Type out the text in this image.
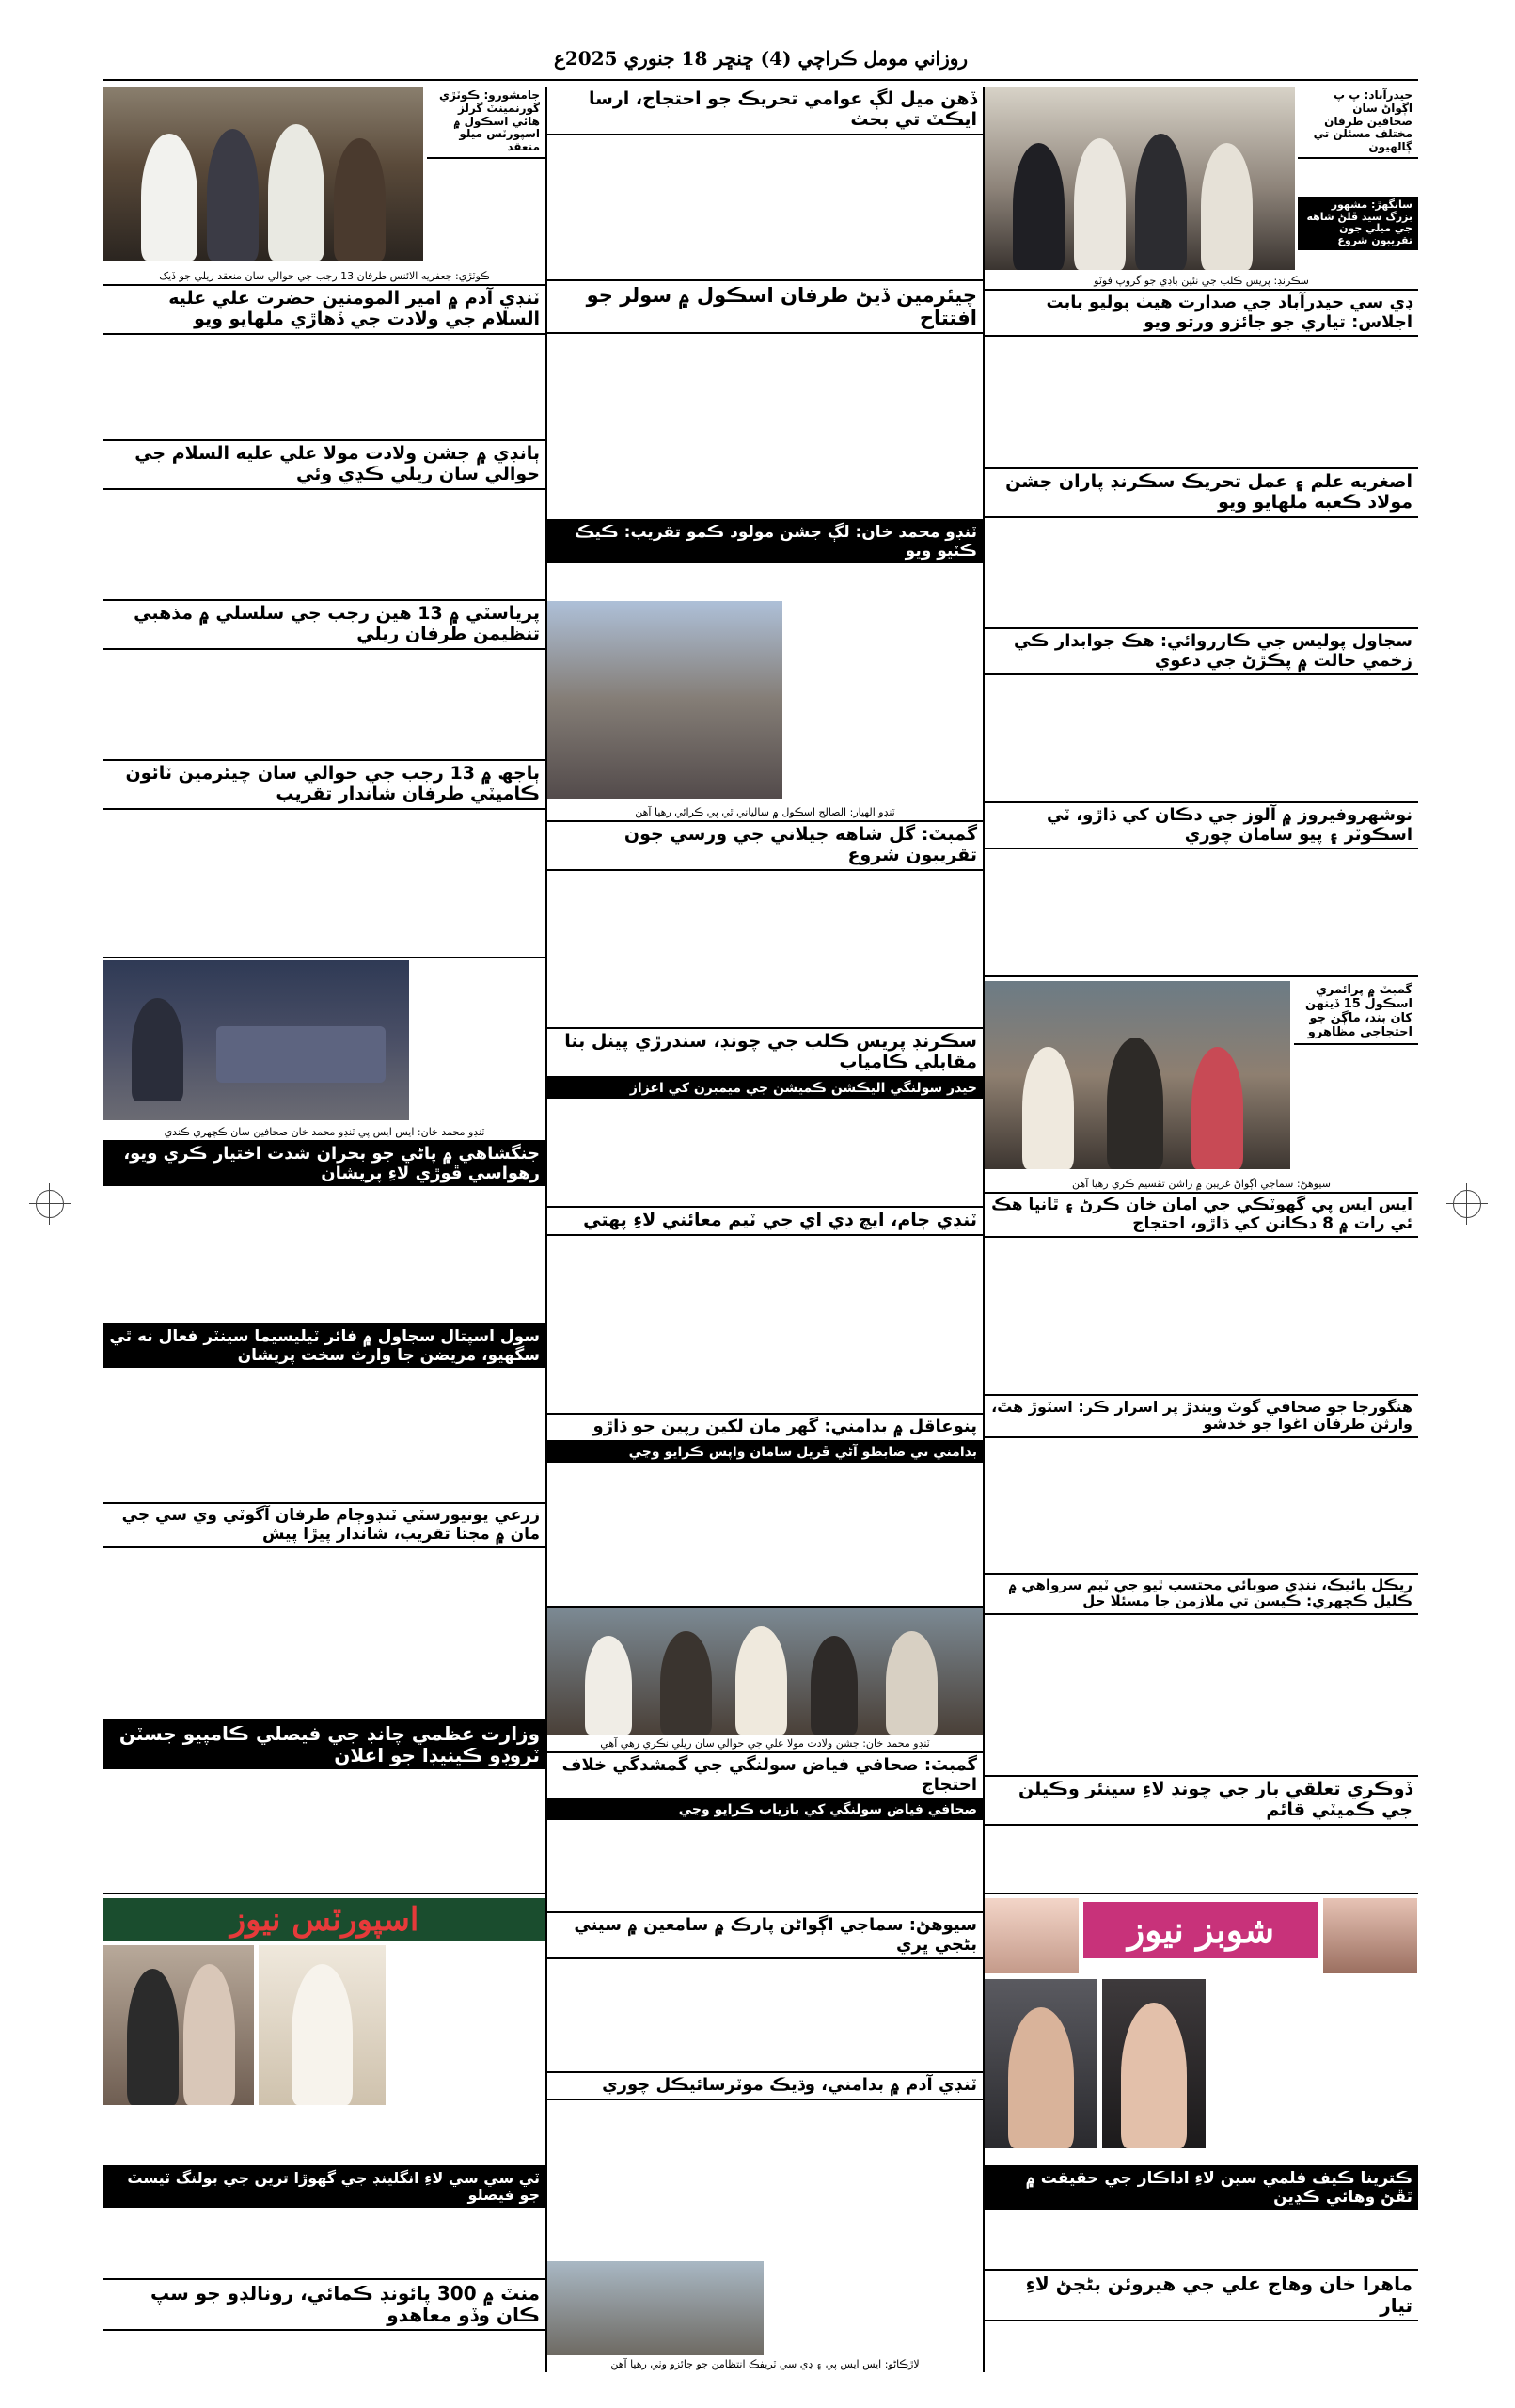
روزاني مومل ڪراچي (4) ڇنڇر 18 جنوري 2025ع
جامشورو: ڪوٽڙي گورنمينٽ گرلز هائي اسڪول ۾ اسپورٽس ميلو منعقد
ڪوٽڙي: جعفريه الائنس طرفان 13 رجب جي حوالي سان منعقد ريلي جو ڏيک
ٽنڊي آدم ۾ امير المومنين حضرت علي عليه السلام جي ولادت جي ڏهاڙي ملهايو ويو
ٻانڊي ۾ جشن ولادت مولا علي عليه السلام جي حوالي سان ريلي ڪڍي وئي
پرياسٽي ۾ 13 هين رجب جي سلسلي ۾ مذهبي تنظيمن طرفان ريلي
ٻاجھ ۾ 13 رجب جي حوالي سان چيئرمين ٽائون ڪاميٽي طرفان شاندار تقريب
ٽنڊو محمد خان: ايس ايس پي ٽنڊو محمد خان صحافين سان ڪچهري ڪندي
جنگشاهي ۾ پاڻي جو بحران شدت اختيار ڪري ويو، رهواسي ڦوڙي لاءِ پريشان
سول اسپتال سجاول ۾ فائر ٽيليسيما سينٽر فعال نه ٿي سگهيو، مريضن جا وارث سخت پريشان
زرعي يونيورسٽي ٽنڊوڄام طرفان آگوٽي وي سي جي مان ۾ مجتا تقريب، شاندار پيڙا پيش
وزارت عظمي چانڊ جي فيصلي ڪامپيو جسٽن ٽروڊو ڪينيڊا جو اعلان
اسپورٽس نيوز
ٽي سي سي لاءِ انگلينڊ جي گهوڙا ترين جي بولنگ ٽيسٽ جو فيصلو
منٽ ۾ 300 پائونڊ ڪمائي، رونالڊو جو سپ ڪان وڏو معاهدو
ڏهن ميل لڳ عوامي تحريڪ جو احتجاج، ارسا ايڪٽ تي بحث
چيئرمين ڏيڻ طرفان اسڪول ۾ سولر جو افتتاح
ٽنڊو محمد خان: لڳ جشن مولود ڪمو تقريب: ڪيڪ ڪٽيو ويو
ٽنڊو الهيار: الصالح اسڪول ۾ سالياني ٿي پي ڪرائي رهيا آهن
گمبٽ: گل شاهه جيلاني جي ورسي جون تقريبون شروع
سڪرنڊ پريس ڪلب جي چونڊ، سندرڙي پينل بنا مقابلي ڪامياب
حيدر سولنگي اليڪشن ڪميشن جي ميمبرن کي اعزاز
ٽنڊي ڄام، ايچ ڊي اي جي ٽيم معائني لاءِ پهتي
پنوعاقل ۾ بدامني: گهر مان لکين رپين جو ڌاڙو
بدامني تي ضابطو آڻي ڦريل سامان واپس ڪرايو وڃي
ٽنڊو محمد خان: جشن ولادت مولا علي جي حوالي سان ريلي نڪري رهي آهي
گمبٽ: صحافي فياض سولنگي جي گمشدگي خلاف احتجاج
صحافي فياض سولنگي کي بازياب ڪرايو وڃي
سيوهڻ: سماجي اڳواڻن پارڪ ۾ سامعين ۾ سيني بڻجي ڀري
ٽنڊي آدم ۾ بدامني، وڌيڪ موٽرسائيڪل چوري
لاڙڪاڻو: ايس ايس پي ۽ ڊي سي ٽريفڪ انتظامن جو جائزو وٺي رهيا آهن
حيدرآباد: پ پ اڳواڻ سان صحافين طرفان مختلف مسئلن تي ڳالهيون
سانگهڙ: مشهور بزرگ سيد ڦلڻ شاهه جي ميلي جون تقريبون شروع
سڪرنڊ: پريس ڪلب جي نئين باڊي جو گروپ فوٽو
ڊي سي حيدرآباد جي صدارت هيٺ پوليو بابت اجلاس: تياري جو جائزو ورتو ويو
اصغريه علم ۽ عمل تحريڪ سڪرنڊ پاران جشن مولاد ڪعبه ملهايو ويو
سجاول پوليس جي ڪارروائي: هڪ جوابدار ڪي زخمي حالت ۾ پڪڙڻ جي دعوي
نوشهروفيروز ۾ آلوز جي دڪان کي ڌاڙو، ٽي اسڪوٽر ۽ پيو سامان چوري
گمبٽ ۾ پرائمري اسڪول 15 ڏينهن کان بند، ماڳن جو احتجاجي مظاهرو
سيوهڻ: سماجي اڳواڻ غريبن ۾ راشن تقسيم ڪري رهيا آهن
ايس ايس پي گهوٽڪي جي امان خان ڪرڻ ۽ ٿانڀا هڪ ئي رات ۾ 8 دڪانن کي ڌاڙو، احتجاج
هنگورجا جو صحافي گوٽ ويندڙ پر اسرار ڪر: اسٽوڙ هٿ، وارثن طرفان اغوا جو خدشو
ريڪل بائيڪ، ننڊي صوبائي محتسب ٿيو جي ٽيم سرواهي ۾ ڪليل ڪچهري: ڪيسن تي ملازمن جا مسئلا حل
ڏوڪري تعلقي بار جي چونڊ لاءِ سينئر وڪيلن جي ڪميٽي قائم
شوبز نيوز
ڪترينا ڪيف فلمي سين لاءِ اداڪار جي حقيقت ۾ ٿڦڻ وهائي ڪڍين
ماهرا خان وهاج علي جي هيروئن بڻجڻ لاءِ تيار
